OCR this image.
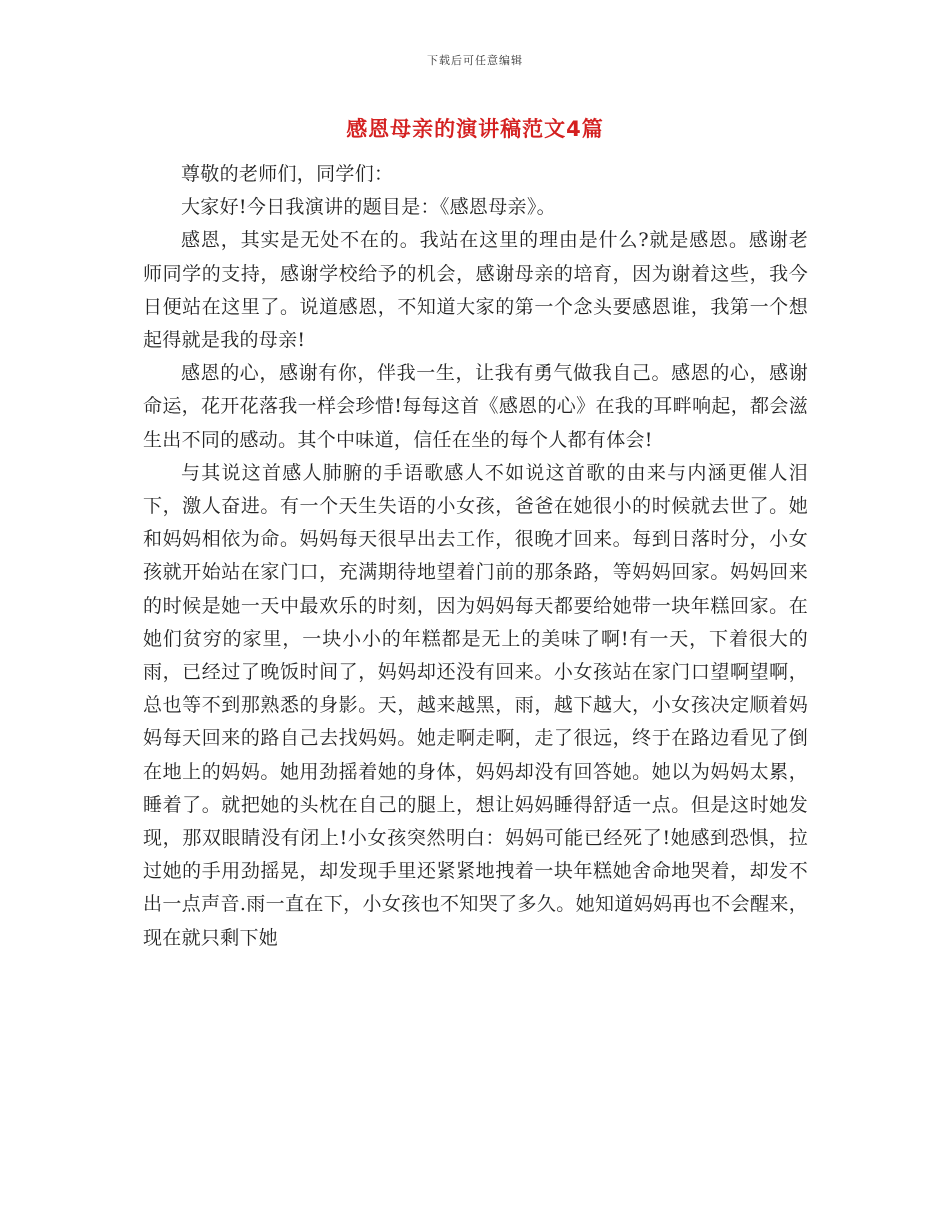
下载后可任意编辑
感恩母亲的演讲稿范文4篇

尊敬的老师们，同学们：

大家好!今日我演讲的题目是：《感恩母亲》。

感恩，其实是无处不在的。我站在这里的理由是什么?就是感恩。感谢老师同学的支持，感谢学校给予的机会，感谢母亲的培育，因为谢着这些，我今日便站在这里了。说道感恩，不知道大家的第一个念头要感恩谁，我第一个想起得就是我的母亲!

感恩的心，感谢有你，伴我一生，让我有勇气做我自己。感恩的心，感谢命运，花开花落我一样会珍惜!每每这首《感恩的心》在我的耳畔响起，都会滋生出不同的感动。其个中味道，信任在坐的每个人都有体会!

与其说这首感人肺腑的手语歌感人不如说这首歌的由来与内涵更催人泪下，激人奋进。有一个天生失语的小女孩，爸爸在她很小的时候就去世了。她和妈妈相依为命。妈妈每天很早出去工作，很晚才回来。每到日落时分，小女孩就开始站在家门口，充满期待地望着门前的那条路，等妈妈回家。妈妈回来的时候是她一天中最欢乐的时刻，因为妈妈每天都要给她带一块年糕回家。在她们贫穷的家里，一块小小的年糕都是无上的美味了啊!有一天，下着很大的雨，已经过了晚饭时间了，妈妈却还没有回来。小女孩站在家门口望啊望啊，总也等不到那熟悉的身影。天，越来越黑，雨，越下越大，小女孩决定顺着妈妈每天回来的路自己去找妈妈。她走啊走啊，走了很远，终于在路边看见了倒在地上的妈妈。她用劲摇着她的身体，妈妈却没有回答她。她以为妈妈太累，睡着了。就把她的头枕在自己的腿上，想让妈妈睡得舒适一点。但是这时她发现，那双眼睛没有闭上!小女孩突然明白：妈妈可能已经死了!她感到恐惧，拉过她的手用劲摇晃，却发现手里还紧紧地拽着一块年糕她舍命地哭着，却发不出一点声音.雨一直在下，小女孩也不知哭了多久。她知道妈妈再也不会醒来，现在就只剩下她
